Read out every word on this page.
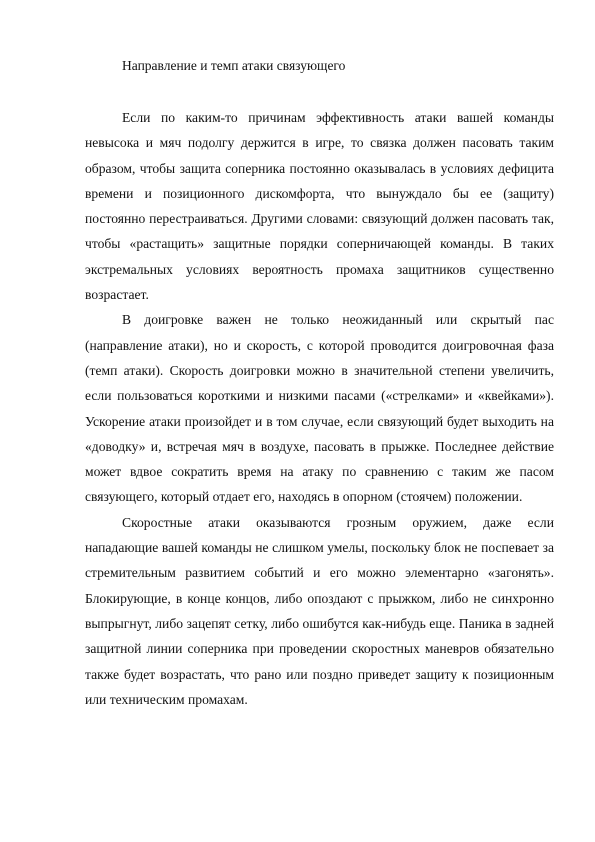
Направление и темп атаки связующего

Если по каким-то причинам эффективность атаки вашей команды невысока и мяч подолгу держится в игре, то связка должен пасовать таким образом, чтобы защита соперника постоянно оказывалась в условиях дефицита времени и позиционного дискомфорта, что вынуждало бы ее (защиту) постоянно перестраиваться. Другими словами: связующий должен пасовать так, чтобы «растащить» защитные порядки соперничающей команды. В таких экстремальных условиях вероятность промаха защитников существенно возрастает.

В доигровке важен не только неожиданный или скрытый пас (направление атаки), но и скорость, с которой проводится доигровочная фаза (темп атаки). Скорость доигровки можно в значительной степени увеличить, если пользоваться короткими и низкими пасами («стрелками» и «квейками»). Ускорение атаки произойдет и в том случае, если связующий будет выходить на «доводку» и, встречая мяч в воздухе, пасовать в прыжке. Последнее действие может вдвое сократить время на атаку по сравнению с таким же пасом связующего, который отдает его, находясь в опорном (стоячем) положении.

Скоростные атаки оказываются грозным оружием, даже если нападающие вашей команды не слишком умелы, поскольку блок не поспевает за стремительным развитием событий и его можно элементарно «загонять». Блокирующие, в конце концов, либо опоздают с прыжком, либо не синхронно выпрыгнут, либо зацепят сетку, либо ошибутся как-нибудь еще. Паника в задней защитной линии соперника при проведении скоростных маневров обязательно также будет возрастать, что рано или поздно приведет защиту к позиционным или техническим промахам.
